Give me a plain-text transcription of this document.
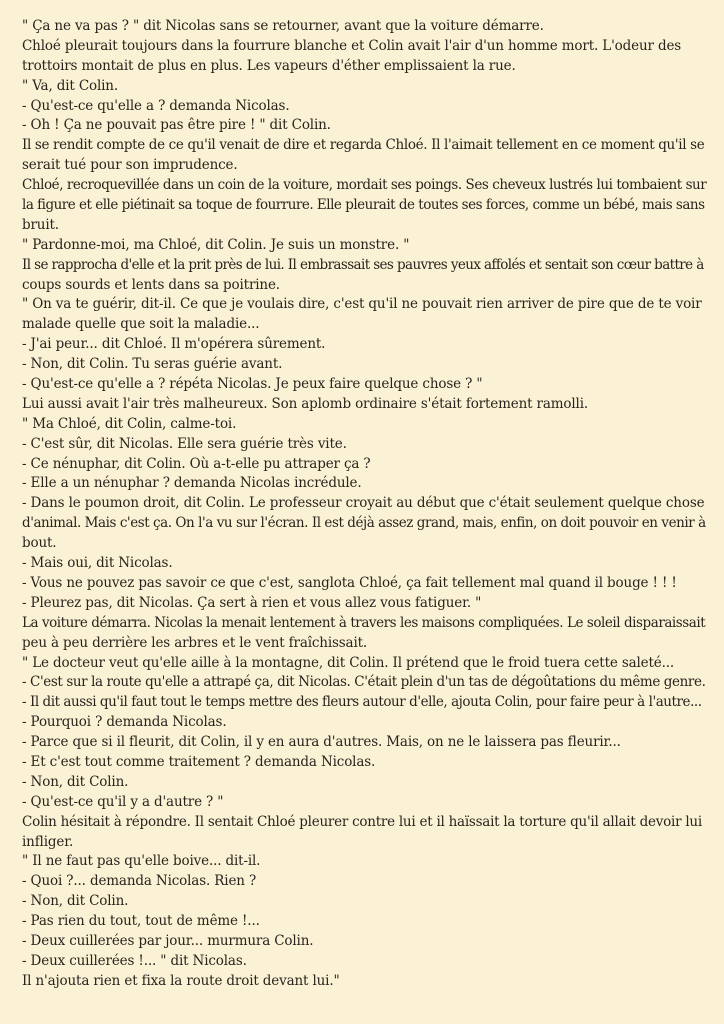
" Ça ne va pas ? " dit Nicolas sans se retourner, avant que la voiture démarre.
Chloé pleurait toujours dans la fourrure blanche et Colin avait l'air d'un homme mort. L'odeur des
trottoirs montait de plus en plus. Les vapeurs d'éther emplissaient la rue.
" Va, dit Colin.
- Qu'est-ce qu'elle a ? demanda Nicolas.
- Oh ! Ça ne pouvait pas être pire ! " dit Colin.
Il se rendit compte de ce qu'il venait de dire et regarda Chloé. Il l'aimait tellement en ce moment qu'il se
serait tué pour son imprudence.
Chloé, recroquevillée dans un coin de la voiture, mordait ses poings. Ses cheveux lustrés lui tombaient sur
la figure et elle piétinait sa toque de fourrure. Elle pleurait de toutes ses forces, comme un bébé, mais sans
bruit.
" Pardonne-moi, ma Chloé, dit Colin. Je suis un monstre. "
Il se rapprocha d'elle et la prit près de lui. Il embrassait ses pauvres yeux affolés et sentait son cœur battre à
coups sourds et lents dans sa poitrine.
" On va te guérir, dit-il. Ce que je voulais dire, c'est qu'il ne pouvait rien arriver de pire que de te voir
malade quelle que soit la maladie...
- J'ai peur... dit Chloé. Il m'opérera sûrement.
- Non, dit Colin. Tu seras guérie avant.
- Qu'est-ce qu'elle a ? répéta Nicolas. Je peux faire quelque chose ? "
Lui aussi avait l'air très malheureux. Son aplomb ordinaire s'était fortement ramolli.
" Ma Chloé, dit Colin, calme-toi.
- C'est sûr, dit Nicolas. Elle sera guérie très vite.
- Ce nénuphar, dit Colin. Où a-t-elle pu attraper ça ?
- Elle a un nénuphar ? demanda Nicolas incrédule.
- Dans le poumon droit, dit Colin. Le professeur croyait au début que c'était seulement quelque chose
d'animal. Mais c'est ça. On l'a vu sur l'écran. Il est déjà assez grand, mais, enfin, on doit pouvoir en venir à
bout.
- Mais oui, dit Nicolas.
- Vous ne pouvez pas savoir ce que c'est, sanglota Chloé, ça fait tellement mal quand il bouge ! ! !
- Pleurez pas, dit Nicolas. Ça sert à rien et vous allez vous fatiguer. "
La voiture démarra. Nicolas la menait lentement à travers les maisons compliquées. Le soleil disparaissait
peu à peu derrière les arbres et le vent fraîchissait.
" Le docteur veut qu'elle aille à la montagne, dit Colin. Il prétend que le froid tuera cette saleté...
- C'est sur la route qu'elle a attrapé ça, dit Nicolas. C'était plein d'un tas de dégoûtations du même genre.
- Il dit aussi qu'il faut tout le temps mettre des fleurs autour d'elle, ajouta Colin, pour faire peur à l'autre...
- Pourquoi ? demanda Nicolas.
- Parce que si il fleurit, dit Colin, il y en aura d'autres. Mais, on ne le laissera pas fleurir...
- Et c'est tout comme traitement ? demanda Nicolas.
- Non, dit Colin.
- Qu'est-ce qu'il y a d'autre ? "
Colin hésitait à répondre. Il sentait Chloé pleurer contre lui et il haïssait la torture qu'il allait devoir lui
infliger.
" Il ne faut pas qu'elle boive... dit-il.
- Quoi ?... demanda Nicolas. Rien ?
- Non, dit Colin.
- Pas rien du tout, tout de même !...
- Deux cuillerées par jour... murmura Colin.
- Deux cuillerées !... " dit Nicolas.
Il n'ajouta rien et fixa la route droit devant lui."
